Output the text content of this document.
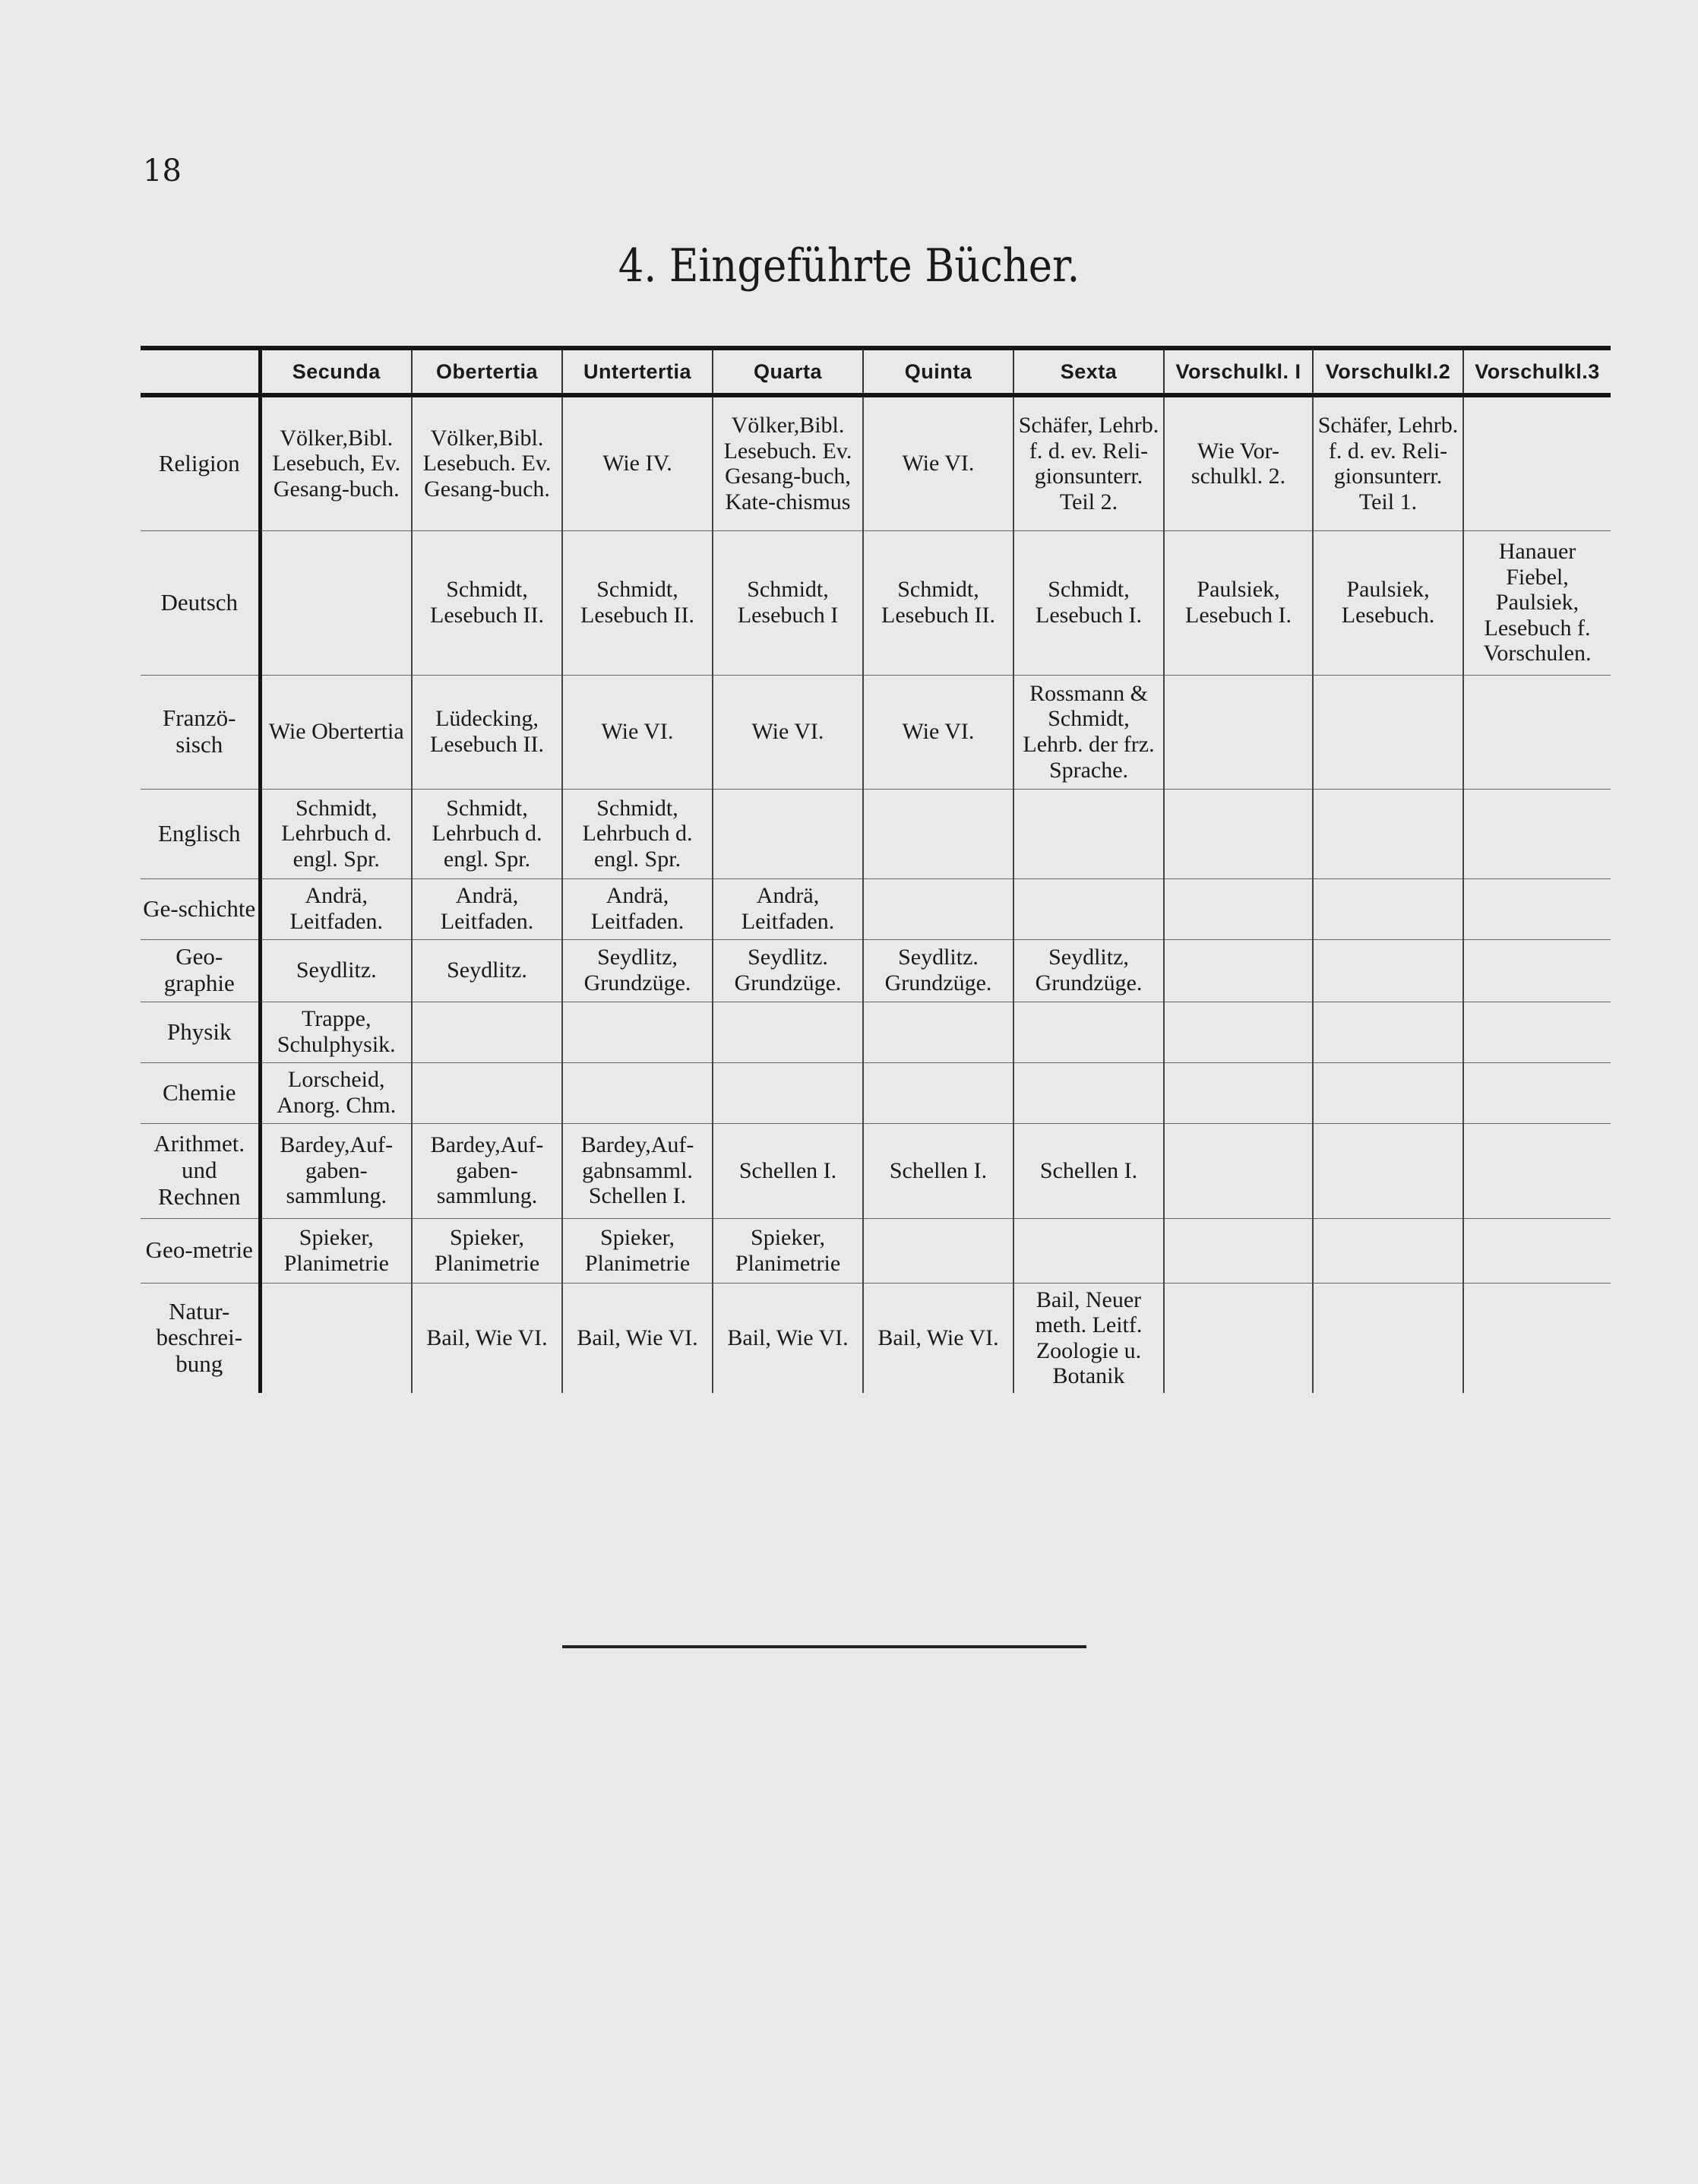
18
4. Eingeführte Bücher.
	Secunda	Obertertia	Untertertia	Quarta	Quinta	Sexta	Vorschulkl. I	Vorschulkl.2	Vorschulkl.3
Religion	Völker,Bibl. Lesebuch, Ev. Gesang-buch.	Völker,Bibl. Lesebuch. Ev. Gesang-buch.	Wie IV.	Völker,Bibl. Lesebuch. Ev. Gesang-buch, Kate-chismus	Wie VI.	Schäfer, Lehrb. f. d. ev. Reli-gionsunterr. Teil 2.	Wie Vor-schulkl. 2.	Schäfer, Lehrb. f. d. ev. Reli-gionsunterr. Teil 1.	
Deutsch		Schmidt, Lesebuch II.	Schmidt, Lesebuch II.	Schmidt, Lesebuch I	Schmidt, Lesebuch II.	Schmidt, Lesebuch I.	Paulsiek, Lesebuch I.	Paulsiek, Lesebuch.	Hanauer Fiebel, Paulsiek, Lesebuch f. Vorschulen.
Franzö-sisch	Wie Obertertia	Lüdecking, Lesebuch II.	Wie VI.	Wie VI.	Wie VI.	Rossmann & Schmidt, Lehrb. der frz. Sprache.			
Englisch	Schmidt, Lehrbuch d. engl. Spr.	Schmidt, Lehrbuch d. engl. Spr.	Schmidt, Lehrbuch d. engl. Spr.						
Ge-schichte	Andrä, Leitfaden.	Andrä, Leitfaden.	Andrä, Leitfaden.	Andrä, Leitfaden.					
Geo-graphie	Seydlitz.	Seydlitz.	Seydlitz, Grundzüge.	Seydlitz. Grundzüge.	Seydlitz. Grundzüge.	Seydlitz, Grundzüge.			
Physik	Trappe, Schulphysik.								
Chemie	Lorscheid, Anorg. Chm.								
Arithmet. und Rechnen	Bardey,Auf-gaben-sammlung.	Bardey,Auf-gaben-sammlung.	Bardey,Auf-gabnsamml. Schellen I.	Schellen I.	Schellen I.	Schellen I.			
Geo-metrie	Spieker, Planimetrie	Spieker, Planimetrie	Spieker, Planimetrie	Spieker, Planimetrie					
Natur-beschrei-bung		Bail, Wie VI.	Bail, Wie VI.	Bail, Wie VI.	Bail, Wie VI.	Bail, Neuer meth. Leitf. Zoologie u. Botanik			
